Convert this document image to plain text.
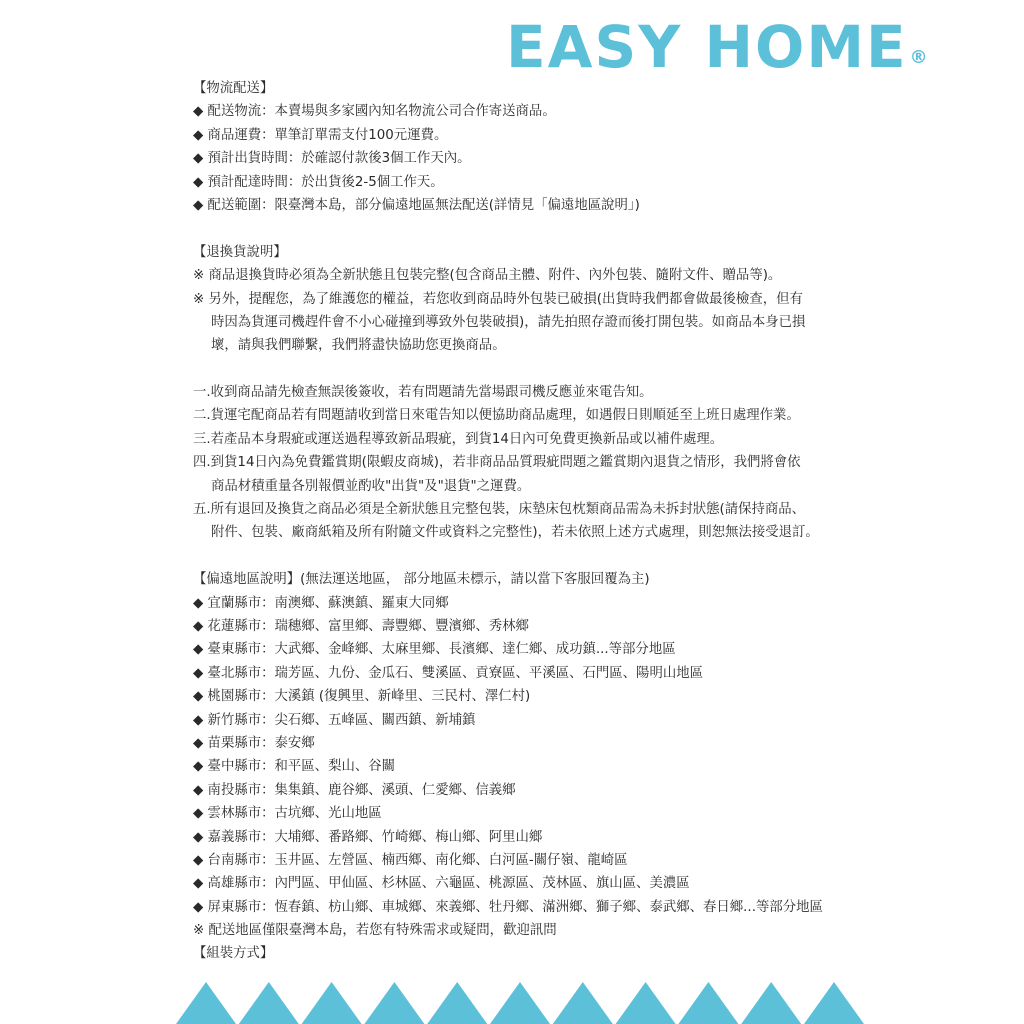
EASY HOME ®
【物流配送】
◆ 配送物流：本賣場與多家國內知名物流公司合作寄送商品。
◆ 商品運費：單筆訂單需支付100元運費。
◆ 預計出貨時間：於確認付款後3個工作天內。
◆ 預計配達時間：於出貨後2-5個工作天。
◆ 配送範圍：限臺灣本島，部分偏遠地區無法配送(詳情見「偏遠地區說明」)
【退換貨說明】
※ 商品退換貨時必須為全新狀態且包裝完整(包含商品主體、附件、內外包裝、隨附文件、贈品等)。
※ 另外，提醒您，為了維護您的權益，若您收到商品時外包裝已破損(出貨時我們都會做最後檢查，但有
時因為貨運司機趕件會不小心碰撞到導致外包裝破損)，請先拍照存證而後打開包裝。如商品本身已損
壞，請與我們聯繫，我們將盡快協助您更換商品。
一.收到商品請先檢查無誤後簽收，若有問題請先當場跟司機反應並來電告知。
二.貨運宅配商品若有問題請收到當日來電告知以便協助商品處理，如遇假日則順延至上班日處理作業。
三.若產品本身瑕疵或運送過程導致新品瑕疵，到貨14日內可免費更換新品或以補件處理。
四.到貨14日內為免費鑑賞期(限蝦皮商城)，若非商品品質瑕疵問題之鑑賞期內退貨之情形，我們將會依
商品材積重量各別報價並酌收"出貨"及"退貨"之運費。
五.所有退回及換貨之商品必須是全新狀態且完整包裝，床墊床包枕類商品需為未拆封狀態(請保持商品、
附件、包裝、廠商紙箱及所有附隨文件或資料之完整性)，若未依照上述方式處理，則恕無法接受退訂。
【偏遠地區說明】(無法運送地區， 部分地區未標示，請以當下客服回覆為主)
◆ 宜蘭縣市：南澳鄉、蘇澳鎮、羅東大同鄉
◆ 花蓮縣市：瑞穗鄉、富里鄉、壽豐鄉、豐濱鄉、秀林鄉
◆ 臺東縣市：大武鄉、金峰鄉、太麻里鄉、長濱鄉、達仁鄉、成功鎮...等部分地區
◆ 臺北縣市：瑞芳區、九份、金瓜石、雙溪區、貢寮區、平溪區、石門區、陽明山地區
◆ 桃園縣市：大溪鎮 (復興里、新峰里、三民村、澤仁村)
◆ 新竹縣市：尖石鄉、五峰區、關西鎮、新埔鎮
◆ 苗栗縣市：泰安鄉
◆ 臺中縣市：和平區、梨山、谷關
◆ 南投縣市：集集鎮、鹿谷鄉、溪頭、仁愛鄉、信義鄉
◆ 雲林縣市：古坑鄉、光山地區
◆ 嘉義縣市：大埔鄉、番路鄉、竹崎鄉、梅山鄉、阿里山鄉
◆ 台南縣市：玉井區、左營區、楠西鄉、南化鄉、白河區-關仔嶺、龍崎區
◆ 高雄縣市：內門區、甲仙區、杉林區、六龜區、桃源區、茂林區、旗山區、美濃區
◆ 屏東縣市：恆春鎮、枋山鄉、車城鄉、來義鄉、牡丹鄉、滿洲鄉、獅子鄉、泰武鄉、春日鄉...等部分地區
※ 配送地區僅限臺灣本島，若您有特殊需求或疑問，歡迎訊問
【組裝方式】
